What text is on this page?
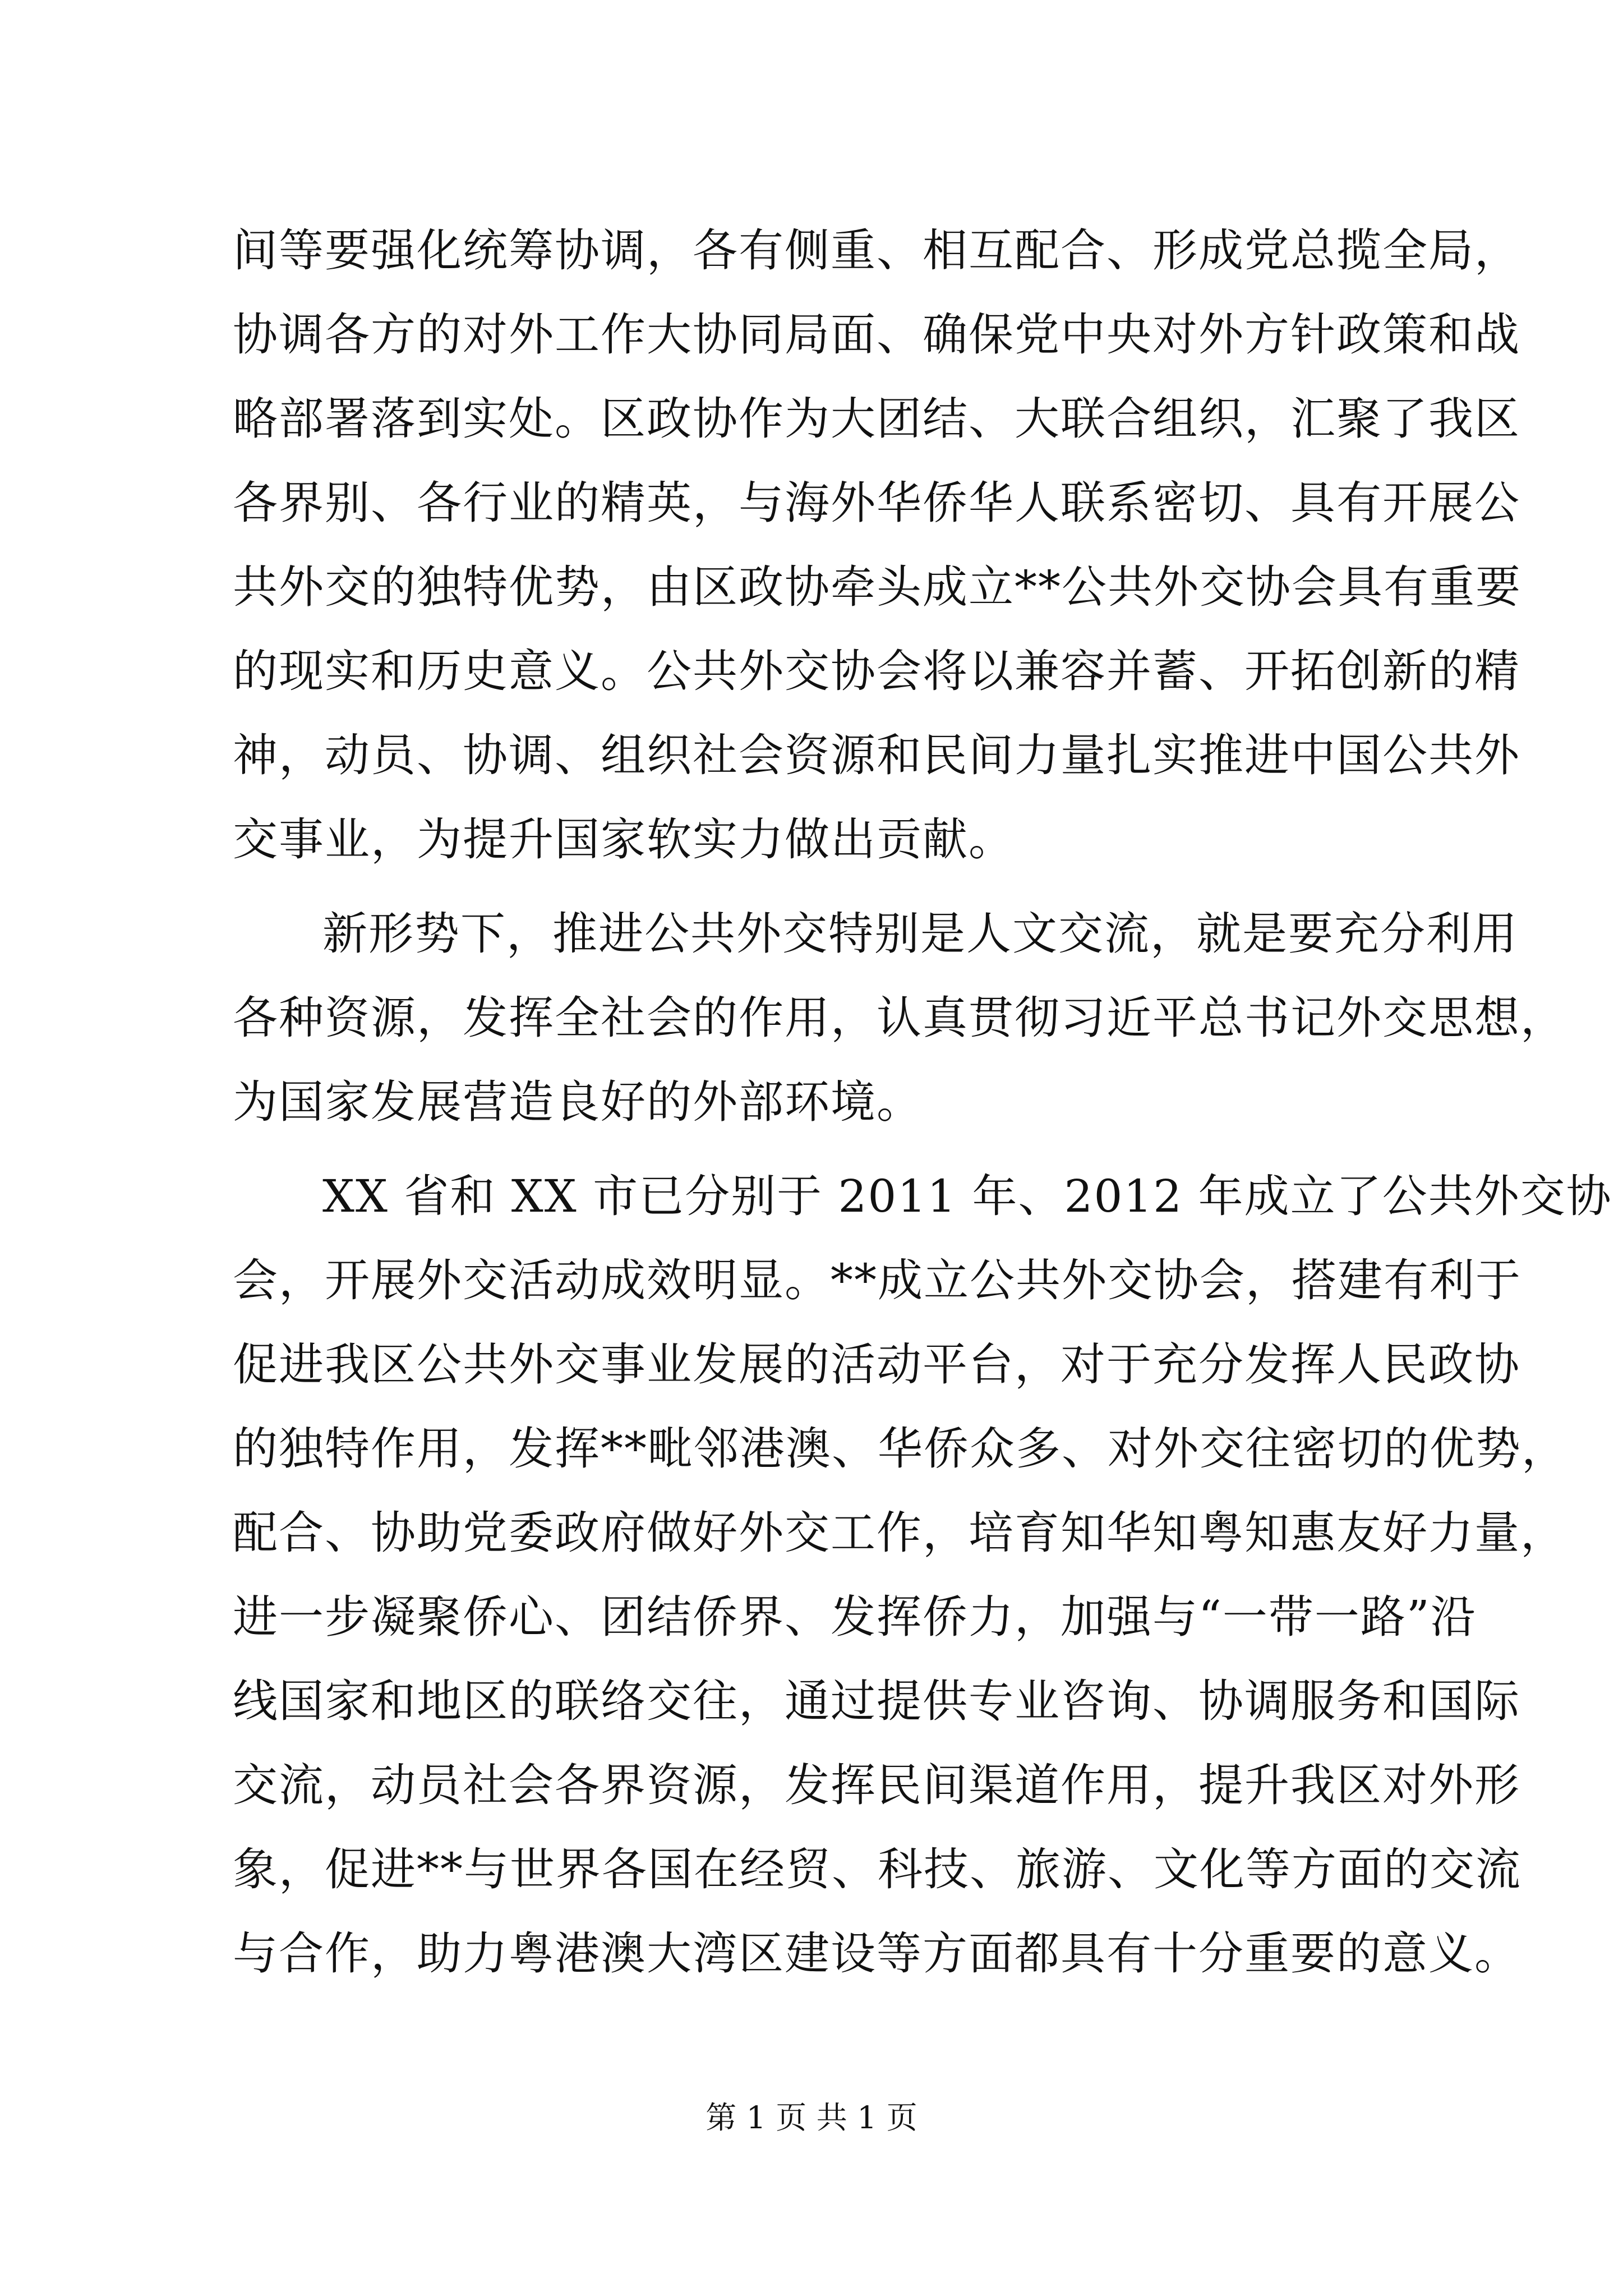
间等要强化统筹协调，各有侧重、相互配合、形成党总揽全局，
协调各方的对外工作大协同局面、确保党中央对外方针政策和战
略部署落到实处。区政协作为大团结、大联合组织，汇聚了我区
各界别、各行业的精英，与海外华侨华人联系密切、具有开展公
共外交的独特优势，由区政协牵头成立**公共外交协会具有重要
的现实和历史意义。公共外交协会将以兼容并蓄、开拓创新的精
神，动员、协调、组织社会资源和民间力量扎实推进中国公共外
交事业，为提升国家软实力做出贡献。
新形势下，推进公共外交特别是人文交流，就是要充分利用
各种资源，发挥全社会的作用，认真贯彻习近平总书记外交思想，
为国家发展营造良好的外部环境。
XX 省和 XX 市已分别于 2011 年、2012 年成立了公共外交协
会，开展外交活动成效明显。**成立公共外交协会，搭建有利于
促进我区公共外交事业发展的活动平台，对于充分发挥人民政协
的独特作用，发挥**毗邻港澳、华侨众多、对外交往密切的优势，
配合、协助党委政府做好外交工作，培育知华知粤知惠友好力量，
进一步凝聚侨心、团结侨界、发挥侨力，加强与“一带一路”沿
线国家和地区的联络交往，通过提供专业咨询、协调服务和国际
交流，动员社会各界资源，发挥民间渠道作用，提升我区对外形
象，促进**与世界各国在经贸、科技、旅游、文化等方面的交流
与合作，助力粤港澳大湾区建设等方面都具有十分重要的意义。
第 1 页 共 1 页
